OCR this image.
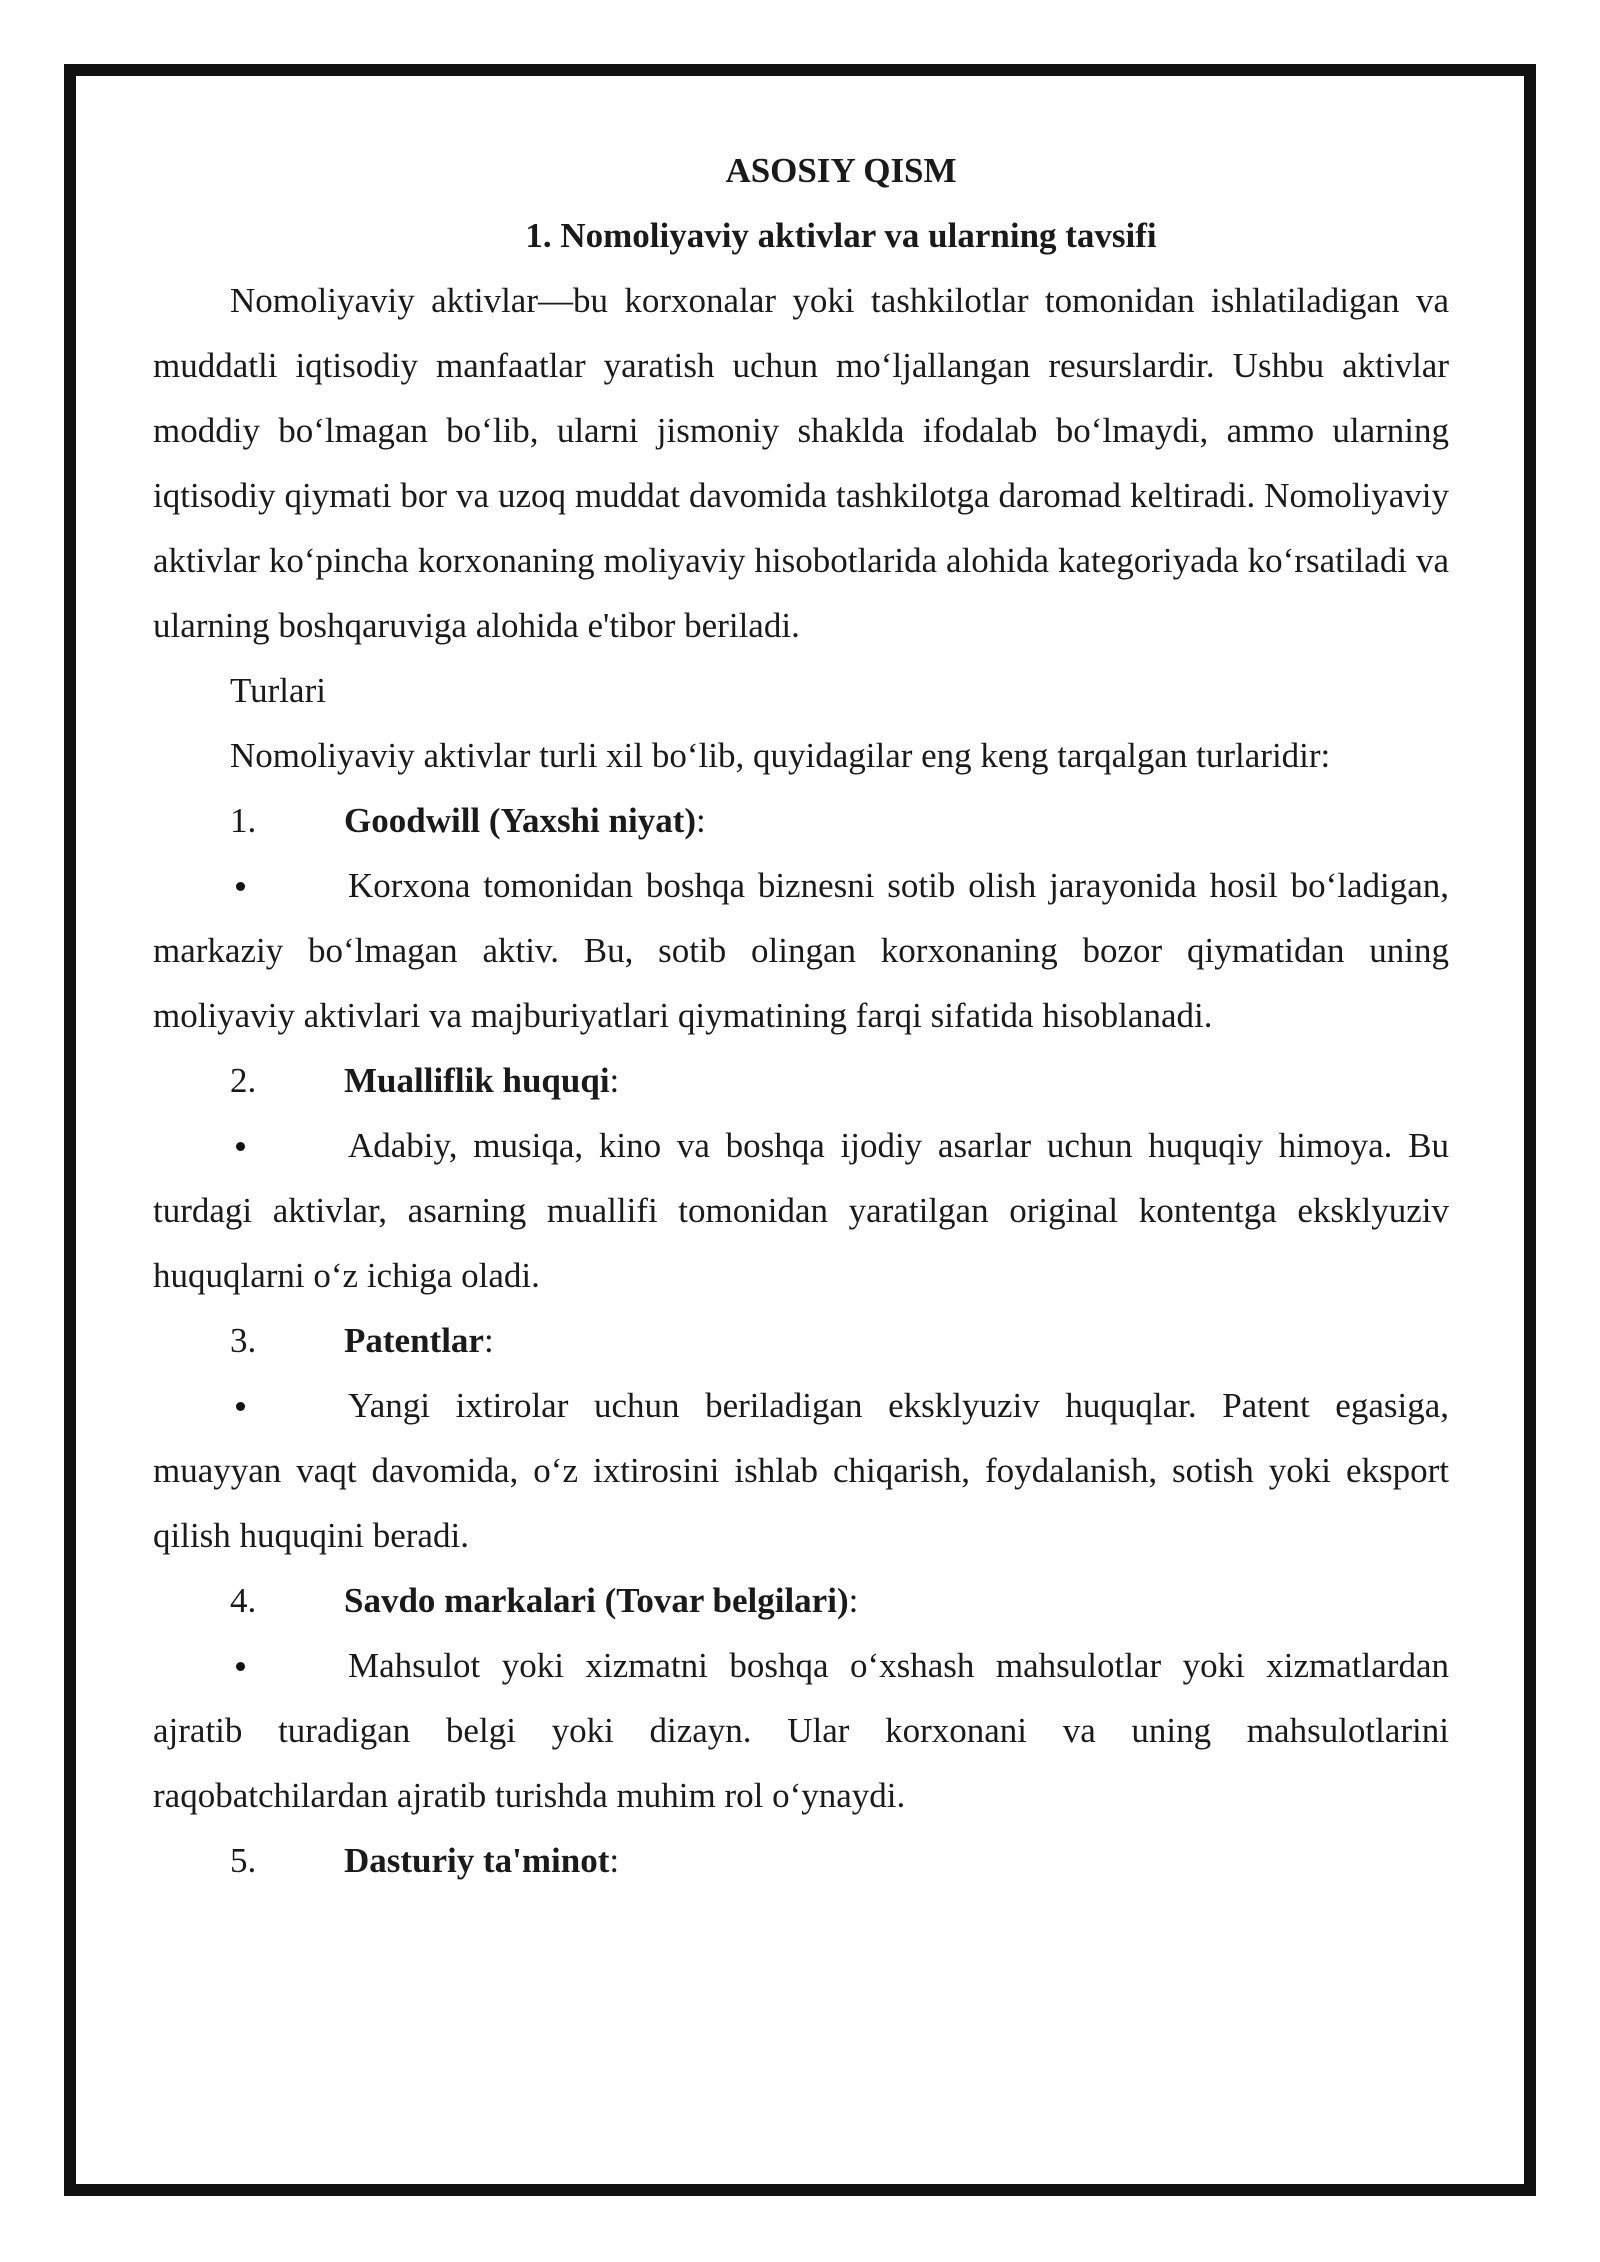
ASOSIY QISM

1. Nomoliyaviy aktivlar va ularning tavsifi

Nomoliyaviy aktivlar—bu korxonalar yoki tashkilotlar tomonidan ishlatiladigan va muddatli iqtisodiy manfaatlar yaratish uchun mo‘ljallangan resurslardir. Ushbu aktivlar moddiy bo‘lmagan bo‘lib, ularni jismoniy shaklda ifodalab bo‘lmaydi, ammo ularning iqtisodiy qiymati bor va uzoq muddat davomida tashkilotga daromad keltiradi. Nomoliyaviy aktivlar ko‘pincha korxonaning moliyaviy hisobotlarida alohida kategoriyada ko‘rsatiladi va ularning boshqaruviga alohida e'tibor beriladi.

Turlari

Nomoliyaviy aktivlar turli xil bo‘lib, quyidagilar eng keng tarqalgan turlaridir:

1.	Goodwill (Yaxshi niyat):

Korxona tomonidan boshqa biznesni sotib olish jarayonida hosil bo‘ladigan, markaziy bo‘lmagan aktiv. Bu, sotib olingan korxonaning bozor qiymatidan uning moliyaviy aktivlari va majburiyatlari qiymatining farqi sifatida hisoblanadi.

2.	Mualliflik huquqi:

Adabiy, musiqa, kino va boshqa ijodiy asarlar uchun huquqiy himoya. Bu turdagi aktivlar, asarning muallifi tomonidan yaratilgan original kontentga eksklyuziv huquqlarni o‘z ichiga oladi.

3.	Patentlar:

Yangi ixtirolar uchun beriladigan eksklyuziv huquqlar. Patent egasiga, muayyan vaqt davomida, o‘z ixtirosini ishlab chiqarish, foydalanish, sotish yoki eksport qilish huquqini beradi.

4.	Savdo markalari (Tovar belgilari):

Mahsulot yoki xizmatni boshqa o‘xshash mahsulotlar yoki xizmatlardan ajratib turadigan belgi yoki dizayn. Ular korxonani va uning mahsulotlarini raqobatchilardan ajratib turishda muhim rol o‘ynaydi.

5.	Dasturiy ta'minot:
